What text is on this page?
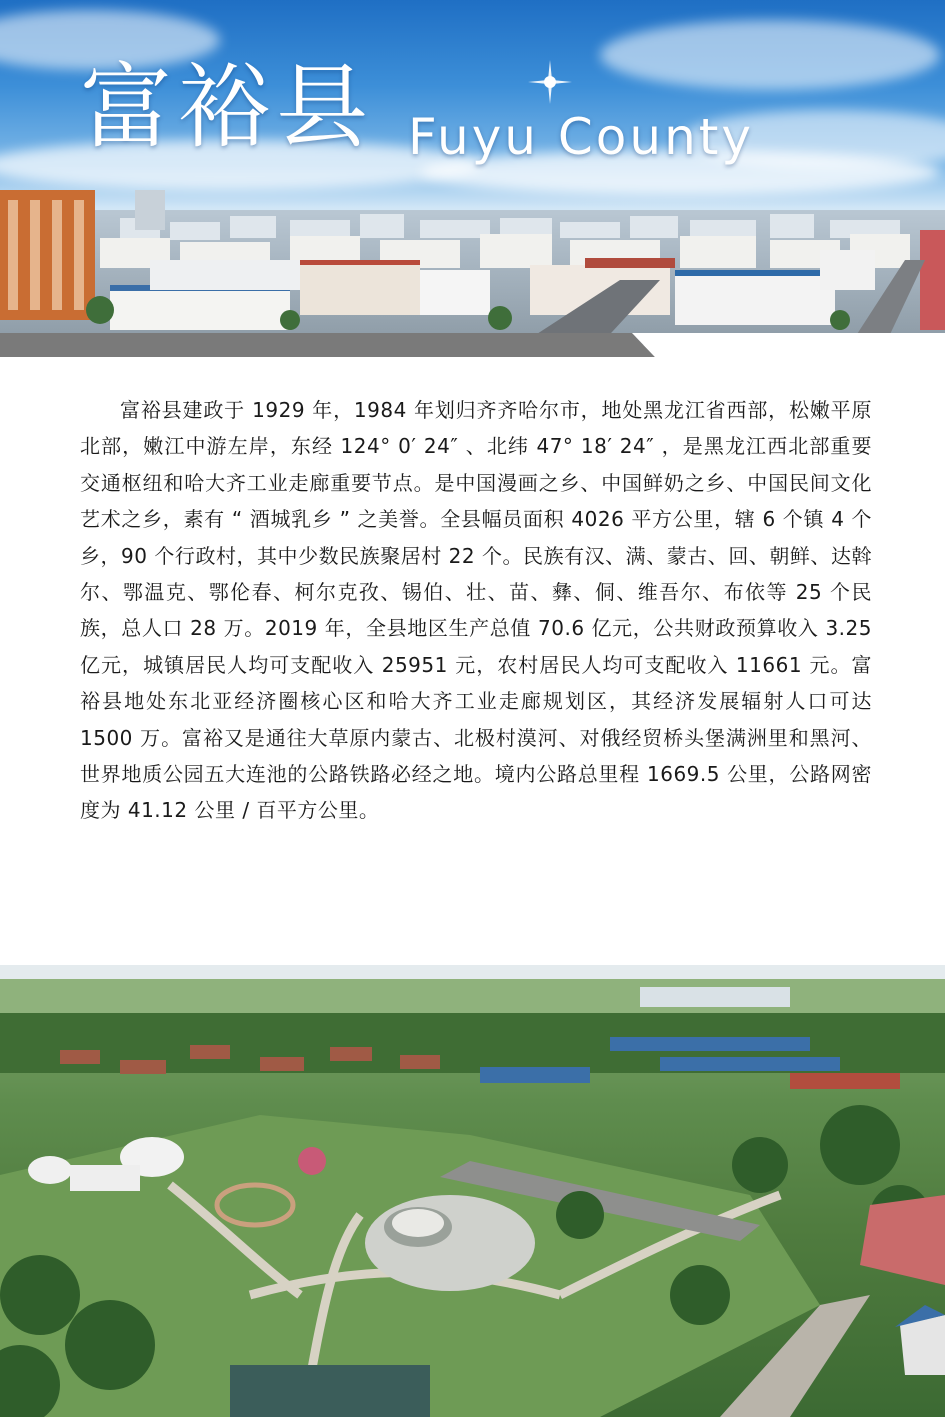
富裕县 Fuyu County

富裕县建政于 1929 年，1984 年划归齐齐哈尔市，地处黑龙江省西部，松嫩平原北部，嫩江中游左岸，东经 124° 0′ 24″ 、北纬 47° 18′ 24″ ，是黑龙江西北部重要交通枢纽和哈大齐工业走廊重要节点。是中国漫画之乡、中国鲜奶之乡、中国民间文化艺术之乡，素有 “ 酒城乳乡 ” 之美誉。全县幅员面积 4026 平方公里，辖 6 个镇 4 个乡，90 个行政村，其中少数民族聚居村 22 个。民族有汉、满、蒙古、回、朝鲜、达斡尔、鄂温克、鄂伦春、柯尔克孜、锡伯、壮、苗、彝、侗、维吾尔、布依等 25 个民族，总人口 28 万。2019 年，全县地区生产总值 70.6 亿元，公共财政预算收入 3.25 亿元，城镇居民人均可支配收入 25951 元，农村居民人均可支配收入 11661 元。富裕县地处东北亚经济圈核心区和哈大齐工业走廊规划区，其经济发展辐射人口可达 1500 万。富裕又是通往大草原内蒙古、北极村漠河、对俄经贸桥头堡满洲里和黑河、世界地质公园五大连池的公路铁路必经之地。境内公路总里程 1669.5 公里，公路网密度为 41.12 公里 / 百平方公里。
